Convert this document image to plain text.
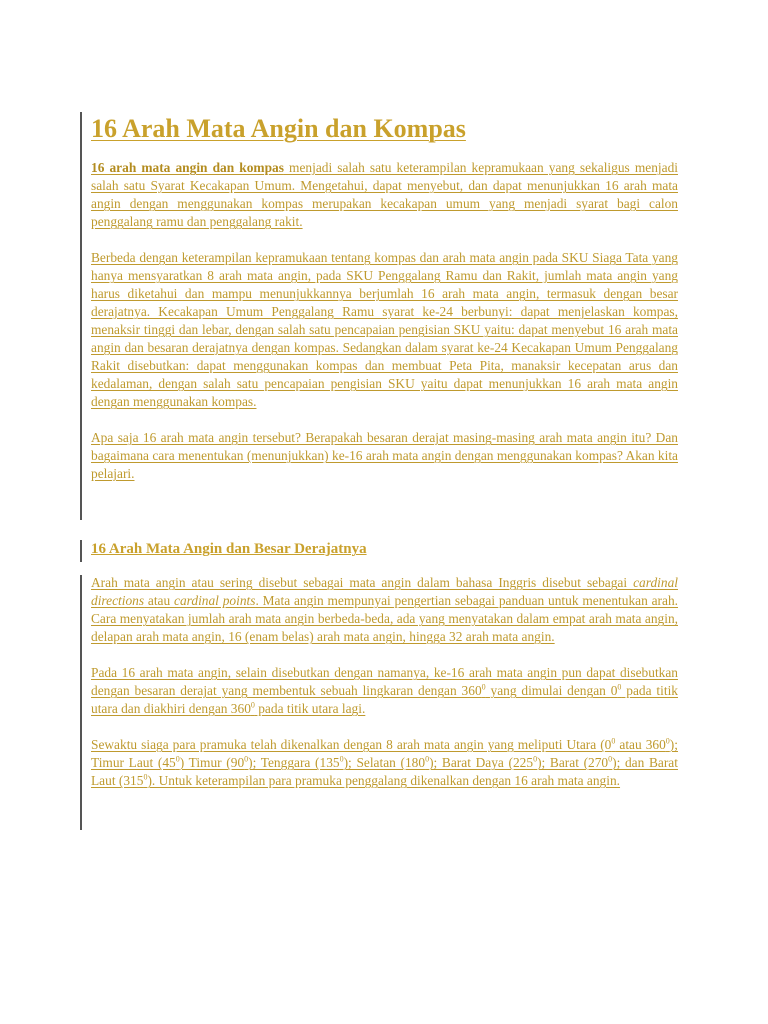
16 Arah Mata Angin dan Kompas

16 arah mata angin dan kompas menjadi salah satu keterampilan kepramukaan yang sekaligus menjadi salah satu Syarat Kecakapan Umum. Mengetahui, dapat menyebut, dan dapat menunjukkan 16 arah mata angin dengan menggunakan kompas merupakan kecakapan umum yang menjadi syarat bagi calon penggalang ramu dan penggalang rakit.

Berbeda dengan keterampilan kepramukaan tentang kompas dan arah mata angin pada SKU Siaga Tata yang hanya mensyaratkan 8 arah mata angin, pada SKU Penggalang Ramu dan Rakit, jumlah mata angin yang harus diketahui dan mampu menunjukkannya berjumlah 16 arah mata angin, termasuk dengan besar derajatnya. Kecakapan Umum Penggalang Ramu syarat ke-24 berbunyi: dapat menjelaskan kompas, menaksir tinggi dan lebar, dengan salah satu pencapaian pengisian SKU yaitu: dapat menyebut 16 arah mata angin dan besaran derajatnya dengan kompas. Sedangkan dalam syarat ke-24 Kecakapan Umum Penggalang Rakit disebutkan: dapat menggunakan kompas dan membuat Peta Pita, manaksir kecepatan arus dan kedalaman, dengan salah satu pencapaian pengisian SKU yaitu dapat menunjukkan 16 arah mata angin dengan menggunakan kompas.

Apa saja 16 arah mata angin tersebut? Berapakah besaran derajat masing-masing arah mata angin itu? Dan bagaimana cara menentukan (menunjukkan) ke-16 arah mata angin dengan menggunakan kompas? Akan kita pelajari.

16 Arah Mata Angin dan Besar Derajatnya

Arah mata angin atau sering disebut sebagai mata angin dalam bahasa Inggris disebut sebagai cardinal directions atau cardinal points. Mata angin mempunyai pengertian sebagai panduan untuk menentukan arah. Cara menyatakan jumlah arah mata angin berbeda-beda, ada yang menyatakan dalam empat arah mata angin, delapan arah mata angin, 16 (enam belas) arah mata angin, hingga 32 arah mata angin.

Pada 16 arah mata angin, selain disebutkan dengan namanya, ke-16 arah mata angin pun dapat disebutkan dengan besaran derajat yang membentuk sebuah lingkaran dengan $360^0$ yang dimulai dengan $0^0$ pada titik utara dan diakhiri dengan $360^0$ pada titik utara lagi.

Sewaktu siaga para pramuka telah dikenalkan dengan 8 arah mata angin yang meliputi Utara ($0^0$ atau $360^0$); Timur Laut $(45^0)$ Timur $(90^0)$; Tenggara $(135^0)$; Selatan $(180^0)$; Barat Daya $(225^0)$; Barat $(270^0)$; dan Barat Laut $(315^0)$. Untuk keterampilan para pramuka penggalang dikenalkan dengan 16 arah mata angin.
